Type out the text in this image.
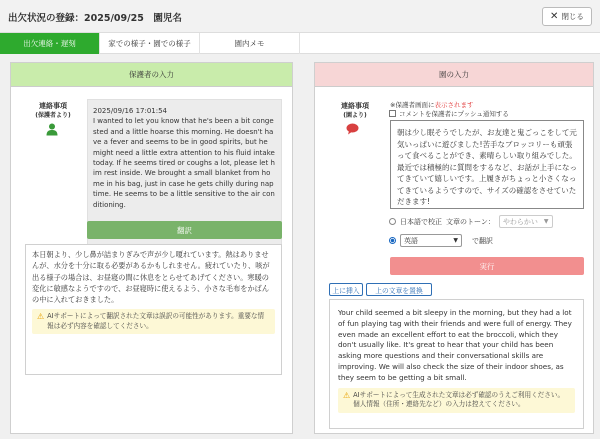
出欠状況の登録：2025/09/25　園児名	✕ 閉じる
出欠連絡・遅刻	家での様子・園での様子	園内メモ
保護者の入力
連絡事項
(保護者より)
2025/09/16 17:01:54
I wanted to let you know that he's been a bit congested and a little hoarse this morning. He doesn't have a fever and seems to be in good spirits, but he might need a little extra attention to his fluid intake today. If he seems tired or coughs a lot, please let him rest inside. We brought a small blanket from home in his bag, just in case he gets chilly during nap time. He seems to be a little sensitive to the air conditioning.
翻訳
本日朝より、少し鼻が詰まりぎみで声が少し嗄れています。熱はありませんが、水分を十分に取る必要があるかもしれません。疲れていたり、咳が出る様子の場合は、お昼寝の間に休息をとらせてあげてください。寒暖の変化に敏感なようですので、お昼寝時に使えるよう、小さな毛布をかばんの中に入れておきました。
⚠ AIサポートによって翻訳された文章は誤訳の可能性があります。重要な情報は必ず内容を確認してください。
園の入力
連絡事項
(園より)
※保護者画面に表示されます
コメントを保護者にプッシュ通知する
朝は少し眠そうでしたが、お友達と鬼ごっこをして元気いっぱいに遊びました!苦手なブロッコリーも頑張って食べることができ、素晴らしい取り組みでした。最近では積極的に質問をするなど、お話が上手になってきていて嬉しいです。上履きがちょっと小さくなってきているようですので、サイズの確認をさせていただきます!
日本語で校正 文章のトーン： やわらかい ▼
英語	▼ で翻訳
実行
上に挿入	上の文章を置換
Your child seemed a bit sleepy in the morning, but they had a lot of fun playing tag with their friends and were full of energy. They even made an excellent effort to eat the broccoli, which they don't usually like. It's great to hear that your child has been asking more questions and their conversational skills are improving. We will also check the size of their indoor shoes, as they seem to be getting a bit small.
⚠ AIサポートによって生成された文章は必ず確認のうえご利用ください。個人情報（住所・連絡先など）の入力は控えてください。
